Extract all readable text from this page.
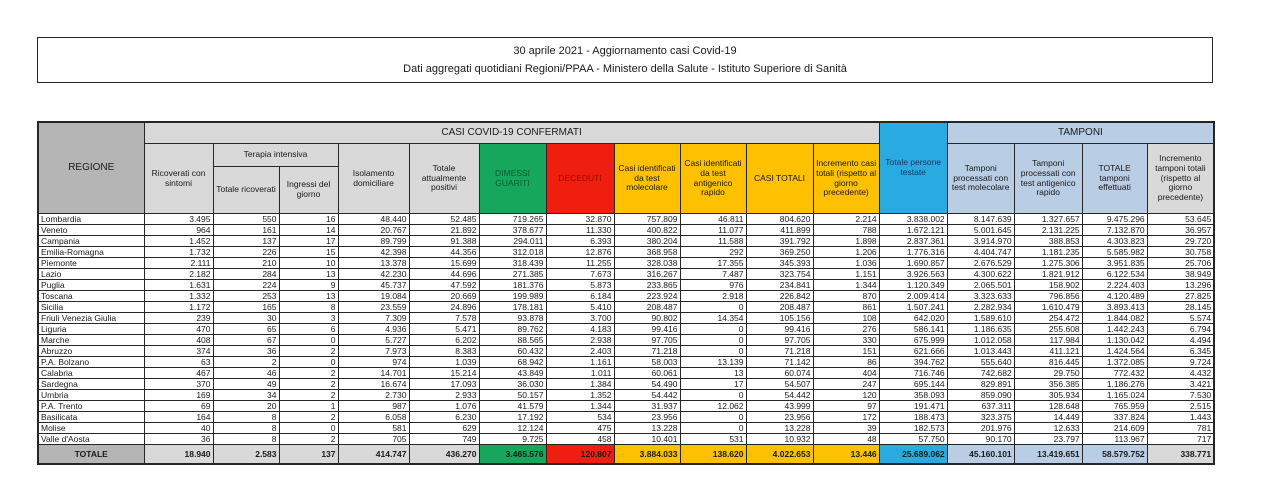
30 aprile 2021 - Aggiornamento casi Covid-19
Dati aggregati quotidiani Regioni/PPAA - Ministero della Salute - Istituto Superiore di Sanità
REGIONE	CASI COVID-19 CONFERMATI											Totale persone testate	TAMPONI			
	Ricoverati con sintomi	Terapia intensiva		Isolamento domiciliare	Totale attualmente positivi	DIMESSI GUARITI	DECEDUTI	Casi identificati da test molecolare	Casi identificati da test antigenico rapido	CASI TOTALI	Incremento casi totali (rispetto al giorno precedente)		Tamponi processati con test molecolare	Tamponi processati con test antigenico rapido	TOTALE tamponi effettuati	Incremento tamponi totali (rispetto al giorno precedente)
		Totale ricoverati	Ingressi del giorno													
Lombardia	3.495	550	16	48.440	52.485	719.265	32.870	757.809	46.811	804.620	2.214	3.838.002	8.147.639	1.327.657	9.475.296	53.645
Veneto	964	161	14	20.767	21.892	378.677	11.330	400.822	11.077	411.899	788	1.672.121	5.001.645	2.131.225	7.132.870	36.957
Campania	1.452	137	17	89.799	91.388	294.011	6.393	380.204	11.588	391.792	1.898	2.837.361	3.914.970	388.853	4.303.823	29.720
Emilia-Romagna	1.732	226	15	42.398	44.356	312.018	12.876	368.958	292	369.250	1.206	1.776.316	4.404.747	1.181.235	5.585.982	30.758
Piemonte	2.111	210	10	13.378	15.699	318.439	11.255	328.038	17.355	345.393	1.036	1.690.857	2.676.529	1.275.306	3.951.835	25.706
Lazio	2.182	284	13	42.230	44.696	271.385	7.673	316.267	7.487	323.754	1.151	3.926.563	4.300.622	1.821.912	6.122.534	38.949
Puglia	1.631	224	9	45.737	47.592	181.376	5.873	233.865	976	234.841	1.344	1.120.349	2.065.501	158.902	2.224.403	13.296
Toscana	1.332	253	13	19.084	20.669	199.989	6.184	223.924	2.918	226.842	870	2.009.414	3.323.633	796.856	4.120.489	27.825
Sicilia	1.172	165	8	23.559	24.896	178.181	5.410	208.487	0	208.487	861	1.507.241	2.282.934	1.610.479	3.893.413	28.145
Friuli Venezia Giulia	239	30	3	7.309	7.578	93.878	3.700	90.802	14.354	105.156	108	642.020	1.589.610	254.472	1.844.082	5.574
Liguria	470	65	6	4.936	5.471	89.762	4.183	99.416	0	99.416	276	586.141	1.186.635	255.608	1.442.243	6.794
Marche	408	67	0	5.727	6.202	88.565	2.938	97.705	0	97.705	330	675.999	1.012.058	117.984	1.130.042	4.494
Abruzzo	374	36	2	7.973	8.383	60.432	2.403	71.218	0	71.218	151	621.666	1.013.443	411.121	1.424.564	6.345
P.A. Bolzano	63	2	0	974	1.039	68.942	1.161	58.003	13.139	71.142	86	394.762	555.640	816.445	1.372.085	9.724
Calabria	467	46	2	14.701	15.214	43.849	1.011	60.061	13	60.074	404	716.746	742.682	29.750	772.432	4.432
Sardegna	370	49	2	16.674	17.093	36.030	1.384	54.490	17	54.507	247	695.144	829.891	356.385	1.186.276	3.421
Umbria	169	34	2	2.730	2.933	50.157	1.352	54.442	0	54.442	120	358.093	859.090	305.934	1.165.024	7.530
P.A. Trento	69	20	1	987	1.076	41.579	1.344	31.937	12.062	43.999	97	191.471	637.311	128.648	765.959	2.515
Basilicata	164	8	2	6.058	6.230	17.192	534	23.956	0	23.956	172	188.473	323.375	14.449	337.824	1.443
Molise	40	8	0	581	629	12.124	475	13.228	0	13.228	39	182.573	201.976	12.633	214.609	781
Valle d'Aosta	36	8	2	705	749	9.725	458	10.401	531	10.932	48	57.750	90.170	23.797	113.967	717
TOTALE	18.940	2.583	137	414.747	436.270	3.465.576	120.807	3.884.033	138.620	4.022.653	13.446	25.689.062	45.160.101	13.419.651	58.579.752	338.771
